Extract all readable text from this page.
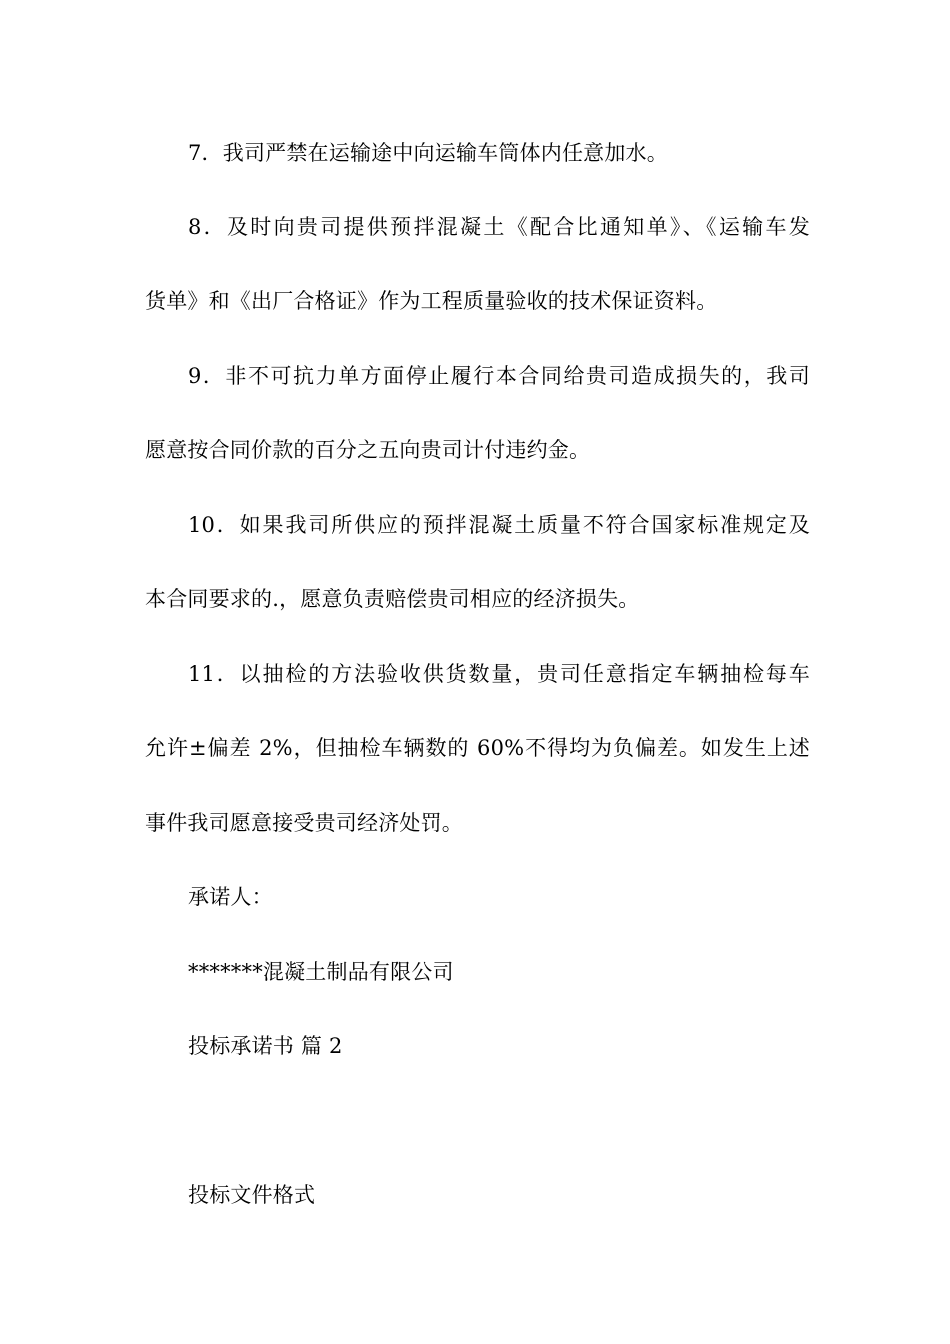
7．我司严禁在运输途中向运输车筒体内任意加水。
8．及时向贵司提供预拌混凝土《配合比通知单》、《运输车发
货单》和《出厂合格证》作为工程质量验收的技术保证资料。
9．非不可抗力单方面停止履行本合同给贵司造成损失的，我司
愿意按合同价款的百分之五向贵司计付违约金。
10．如果我司所供应的预拌混凝土质量不符合国家标准规定及
本合同要求的.，愿意负责赔偿贵司相应的经济损失。
11．以抽检的方法验收供货数量，贵司任意指定车辆抽检每车
允许±偏差 2%，但抽检车辆数的 60%不得均为负偏差。如发生上述
事件我司愿意接受贵司经济处罚。
承诺人：
*******混凝土制品有限公司
投标承诺书 篇 2
投标文件格式
